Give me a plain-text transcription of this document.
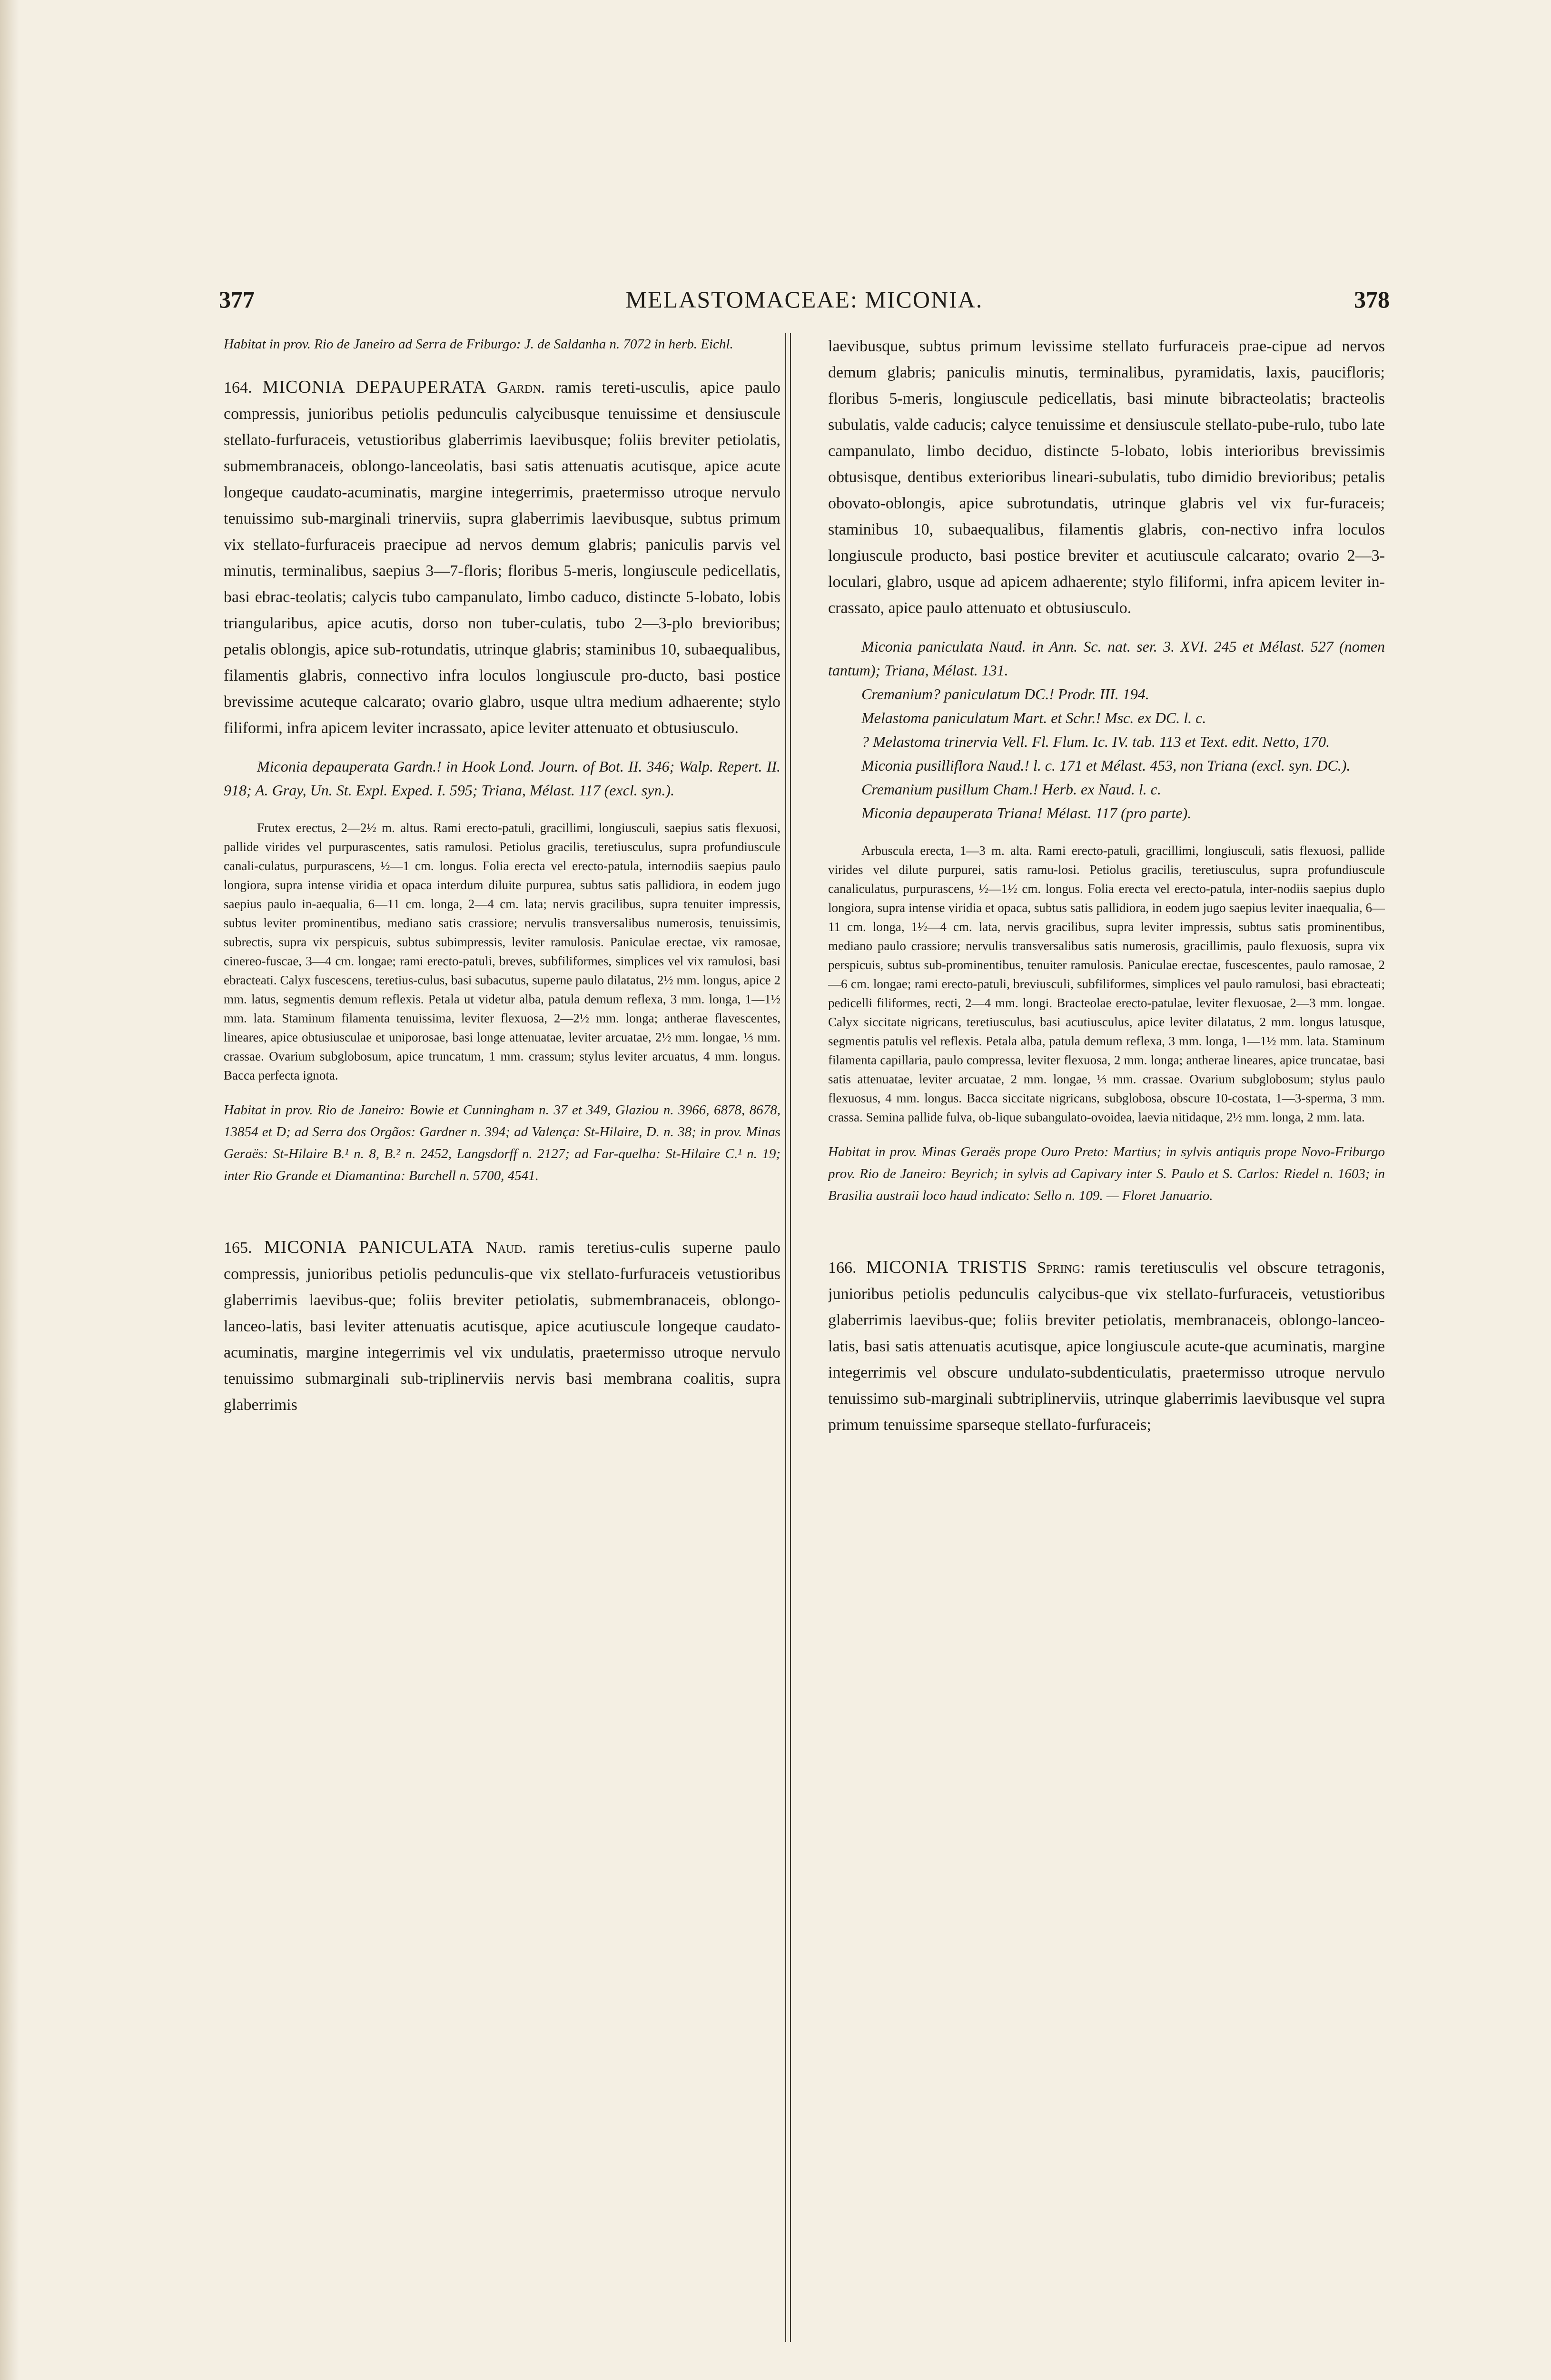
377	MELASTOMACEAE: MICONIA.	378
Habitat in prov. Rio de Janeiro ad Serra de Friburgo: J. de Saldanha n. 7072 in herb. Eichl.
164. MICONIA DEPAUPERATA Gardn. ramis tereti-usculis, apice paulo compressis, junioribus petiolis pedunculis calycibusque tenuissime et densiuscule stellato-furfuraceis, vetustioribus glaberrimis laevibusque; foliis breviter petiolatis, submembranaceis, oblongo-lanceolatis, basi satis attenuatis acutisque, apice acute longeque caudato-acuminatis, margine integerrimis, praetermisso utroque nervulo tenuissimo sub-marginali trinerviis, supra glaberrimis laevibusque, subtus primum vix stellato-furfuraceis praecipue ad nervos demum glabris; paniculis parvis vel minutis, terminalibus, saepius 3—7-floris; floribus 5-meris, longiuscule pedicellatis, basi ebrac-teolatis; calycis tubo campanulato, limbo caduco, distincte 5-lobato, lobis triangularibus, apice acutis, dorso non tuber-culatis, tubo 2—3-plo brevioribus; petalis oblongis, apice sub-rotundatis, utrinque glabris; staminibus 10, subaequalibus, filamentis glabris, connectivo infra loculos longiuscule pro-ducto, basi postice brevissime acuteque calcarato; ovario glabro, usque ultra medium adhaerente; stylo filiformi, infra apicem leviter incrassato, apice leviter attenuato et obtusiusculo.
Miconia depauperata Gardn.! in Hook Lond. Journ. of Bot. II. 346; Walp. Repert. II. 918; A. Gray, Un. St. Expl. Exped. I. 595; Triana, Mélast. 117 (excl. syn.).
Frutex erectus, 2—2½ m. altus. Rami erecto-patuli, gracillimi, longiusculi, saepius satis flexuosi, pallide virides vel purpurascentes, satis ramulosi. Petiolus gracilis, teretiusculus, supra profundiuscule canali-culatus, purpurascens, ½—1 cm. longus. Folia erecta vel erecto-patula, internodiis saepius paulo longiora, supra intense viridia et opaca interdum diluite purpurea, subtus satis pallidiora, in eodem jugo saepius paulo in-aequalia, 6—11 cm. longa, 2—4 cm. lata; nervis gracilibus, supra tenuiter impressis, subtus leviter prominentibus, mediano satis crassiore; nervulis transversalibus numerosis, tenuissimis, subrectis, supra vix perspicuis, subtus subimpressis, leviter ramulosis. Paniculae erectae, vix ramosae, cinereo-fuscae, 3—4 cm. longae; rami erecto-patuli, breves, subfiliformes, simplices vel vix ramulosi, basi ebracteati. Calyx fuscescens, teretius-culus, basi subacutus, superne paulo dilatatus, 2½ mm. longus, apice 2 mm. latus, segmentis demum reflexis. Petala ut videtur alba, patula demum reflexa, 3 mm. longa, 1—1½ mm. lata. Staminum filamenta tenuissima, leviter flexuosa, 2—2½ mm. longa; antherae flavescentes, lineares, apice obtusiusculae et uniporosae, basi longe attenuatae, leviter arcuatae, 2½ mm. longae, ⅓ mm. crassae. Ovarium subglobosum, apice truncatum, 1 mm. crassum; stylus leviter arcuatus, 4 mm. longus. Bacca perfecta ignota.
Habitat in prov. Rio de Janeiro: Bowie et Cunningham n. 37 et 349, Glaziou n. 3966, 6878, 8678, 13854 et D; ad Serra dos Orgãos: Gardner n. 394; ad Valença: St-Hilaire, D. n. 38; in prov. Minas Geraës: St-Hilaire B.¹ n. 8, B.² n. 2452, Langsdorff n. 2127; ad Far-quelha: St-Hilaire C.¹ n. 19; inter Rio Grande et Diamantina: Burchell n. 5700, 4541.
165. MICONIA PANICULATA Naud. ramis teretius-culis superne paulo compressis, junioribus petiolis pedunculis-que vix stellato-furfuraceis vetustioribus glaberrimis laevibus-que; foliis breviter petiolatis, submembranaceis, oblongo-lanceo-latis, basi leviter attenuatis acutisque, apice acutiuscule longeque caudato-acuminatis, margine integerrimis vel vix undulatis, praetermisso utroque nervulo tenuissimo submarginali sub-triplinerviis nervis basi membrana coalitis, supra glaberrimis
laevibusque, subtus primum levissime stellato furfuraceis prae-cipue ad nervos demum glabris; paniculis minutis, terminalibus, pyramidatis, laxis, paucifloris; floribus 5-meris, longiuscule pedicellatis, basi minute bibracteolatis; bracteolis subulatis, valde caducis; calyce tenuissime et densiuscule stellato-pube-rulo, tubo late campanulato, limbo deciduo, distincte 5-lobato, lobis interioribus brevissimis obtusisque, dentibus exterioribus lineari-subulatis, tubo dimidio brevioribus; petalis obovato-oblongis, apice subrotundatis, utrinque glabris vel vix fur-furaceis; staminibus 10, subaequalibus, filamentis glabris, con-nectivo infra loculos longiuscule producto, basi postice breviter et acutiuscule calcarato; ovario 2—3-loculari, glabro, usque ad apicem adhaerente; stylo filiformi, infra apicem leviter in-crassato, apice paulo attenuato et obtusiusculo.
Miconia paniculata Naud. in Ann. Sc. nat. ser. 3. XVI. 245 et Mélast. 527 (nomen tantum); Triana, Mélast. 131.
Cremanium? paniculatum DC.! Prodr. III. 194.
Melastoma paniculatum Mart. et Schr.! Msc. ex DC. l. c.
? Melastoma trinervia Vell. Fl. Flum. Ic. IV. tab. 113 et Text. edit. Netto, 170.
Miconia pusilliflora Naud.! l. c. 171 et Mélast. 453, non Triana (excl. syn. DC.).
Cremanium pusillum Cham.! Herb. ex Naud. l. c.
Miconia depauperata Triana! Mélast. 117 (pro parte).
Arbuscula erecta, 1—3 m. alta. Rami erecto-patuli, gracillimi, longiusculi, satis flexuosi, pallide virides vel dilute purpurei, satis ramu-losi. Petiolus gracilis, teretiusculus, supra profundiuscule canaliculatus, purpurascens, ½—1½ cm. longus. Folia erecta vel erecto-patula, inter-nodiis saepius duplo longiora, supra intense viridia et opaca, subtus satis pallidiora, in eodem jugo saepius leviter inaequalia, 6—11 cm. longa, 1½—4 cm. lata, nervis gracilibus, supra leviter impressis, subtus satis prominentibus, mediano paulo crassiore; nervulis transversalibus satis numerosis, gracillimis, paulo flexuosis, supra vix perspicuis, subtus sub-prominentibus, tenuiter ramulosis. Paniculae erectae, fuscescentes, paulo ramosae, 2—6 cm. longae; rami erecto-patuli, breviusculi, subfiliformes, simplices vel paulo ramulosi, basi ebracteati; pedicelli filiformes, recti, 2—4 mm. longi. Bracteolae erecto-patulae, leviter flexuosae, 2—3 mm. longae. Calyx siccitate nigricans, teretiusculus, basi acutiusculus, apice leviter dilatatus, 2 mm. longus latusque, segmentis patulis vel reflexis. Petala alba, patula demum reflexa, 3 mm. longa, 1—1½ mm. lata. Staminum filamenta capillaria, paulo compressa, leviter flexuosa, 2 mm. longa; antherae lineares, apice truncatae, basi satis attenuatae, leviter arcuatae, 2 mm. longae, ⅓ mm. crassae. Ovarium subglobosum; stylus paulo flexuosus, 4 mm. longus. Bacca siccitate nigricans, subglobosa, obscure 10-costata, 1—3-sperma, 3 mm. crassa. Semina pallide fulva, ob-lique subangulato-ovoidea, laevia nitidaque, 2½ mm. longa, 2 mm. lata.
Habitat in prov. Minas Geraës prope Ouro Preto: Martius; in sylvis antiquis prope Novo-Friburgo prov. Rio de Janeiro: Beyrich; in sylvis ad Capivary inter S. Paulo et S. Carlos: Riedel n. 1603; in Brasilia austraii loco haud indicato: Sello n. 109. — Floret Januario.
166. MICONIA TRISTIS Spring: ramis teretiusculis vel obscure tetragonis, junioribus petiolis pedunculis calycibus-que vix stellato-furfuraceis, vetustioribus glaberrimis laevibus-que; foliis breviter petiolatis, membranaceis, oblongo-lanceo-latis, basi satis attenuatis acutisque, apice longiuscule acute-que acuminatis, margine integerrimis vel obscure undulato-subdenticulatis, praetermisso utroque nervulo tenuissimo sub-marginali subtriplinerviis, utrinque glaberrimis laevibusque vel supra primum tenuissime sparseque stellato-furfuraceis;
